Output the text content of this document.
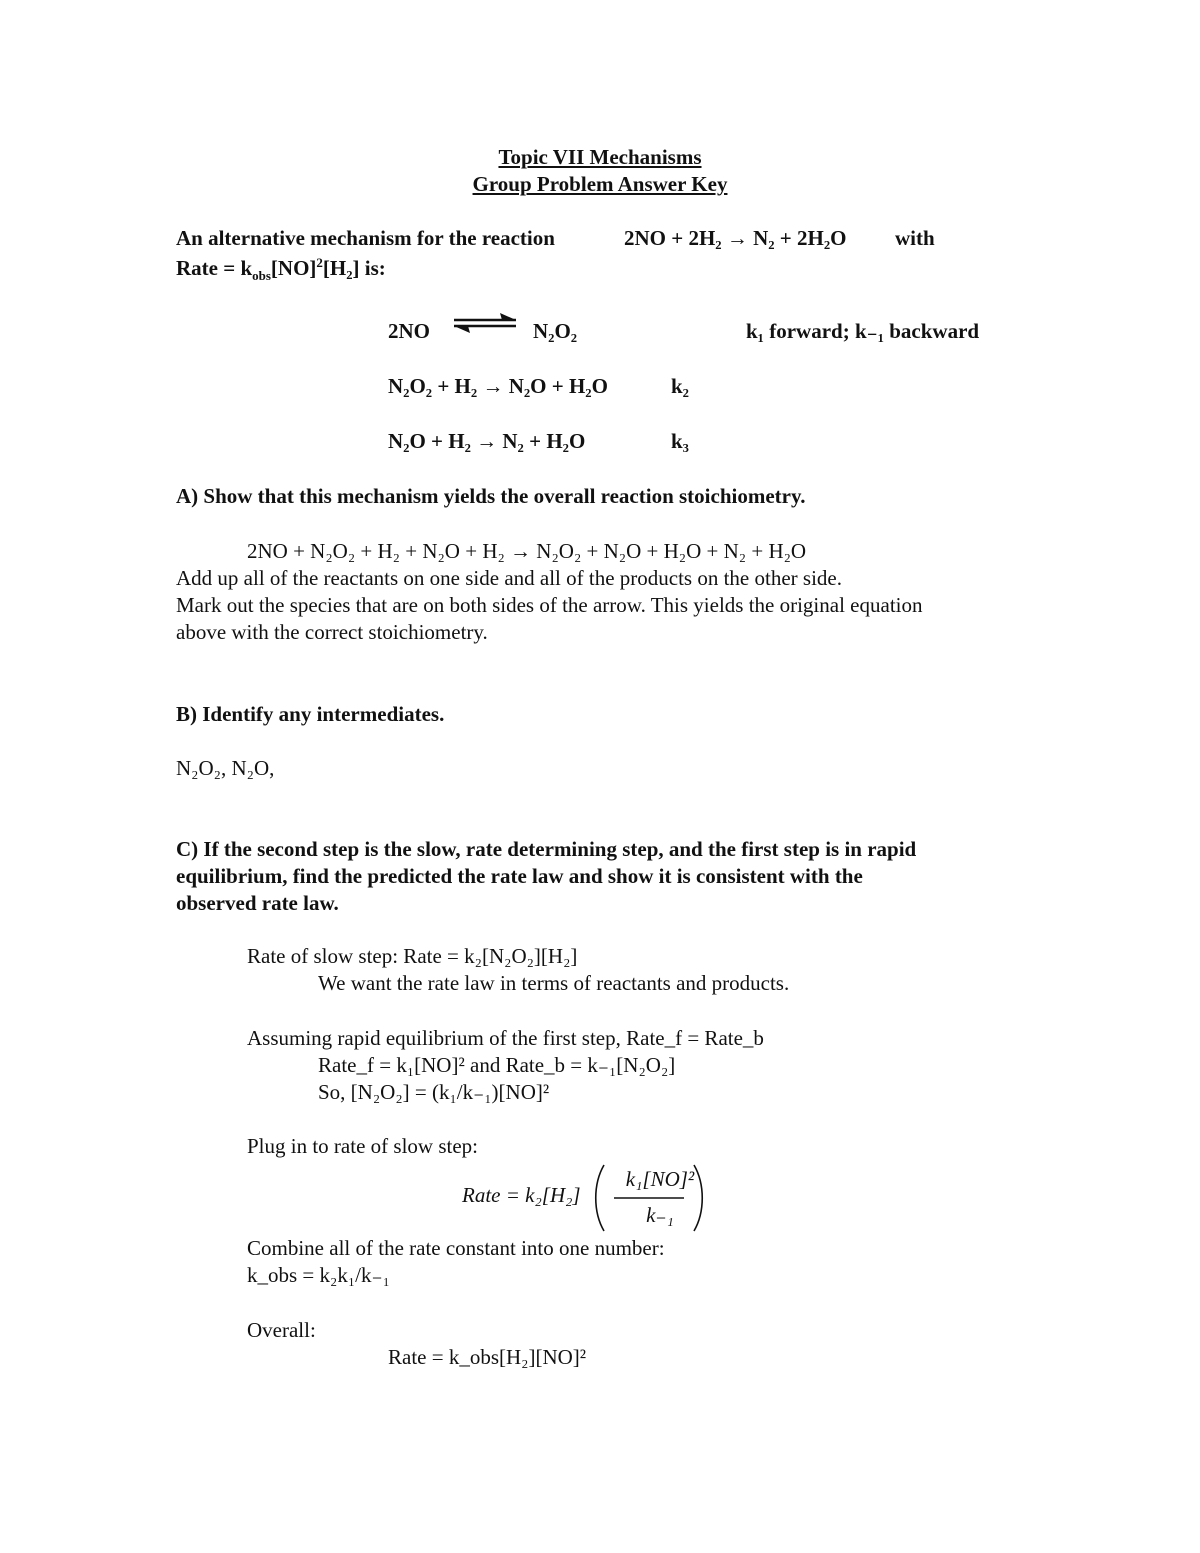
Topic VII Mechanisms
Group Problem Answer Key
An alternative mechanism for the reaction	2NO + 2H₂ → N₂ + 2H₂O with
Rate = $k_{obs}[NO]^2[H_2]$ is:
2NO ⇌ N₂O₂	k₁ forward; k₋₁ backward
N₂O₂ + H₂ → N₂O + H₂O	k₂
N₂O + H₂ → N₂ + H₂O	k₃
A) Show that this mechanism yields the overall reaction stoichiometry.
2NO + N₂O₂ + H₂ + N₂O + H₂ → N₂O₂ + N₂O + H₂O + N₂ + H₂O
Add up all of the reactants on one side and all of the products on the other side.
Mark out the species that are on both sides of the arrow. This yields the original equation
above with the correct stoichiometry.
B) Identify any intermediates.
N₂O₂, N₂O,
C) If the second step is the slow, rate determining step, and the first step is in rapid
equilibrium, find the predicted the rate law and show it is consistent with the
observed rate law.
Rate of slow step: Rate = k₂[N₂O₂][H₂]
We want the rate law in terms of reactants and products.
Assuming rapid equilibrium of the first step, Rate_f = Rate_b
Rate_f = k₁[NO]² and Rate_b = k₋₁[N₂O₂]
So, [N₂O₂] = (k₁/k₋₁)[NO]²
Plug in to rate of slow step:
Rate = k₂[H₂]
k₁[NO]²
k₋₁
Combine all of the rate constant into one number:
k_obs = k₂k₁/k₋₁
Overall:
Rate = k_obs[H₂][NO]²
